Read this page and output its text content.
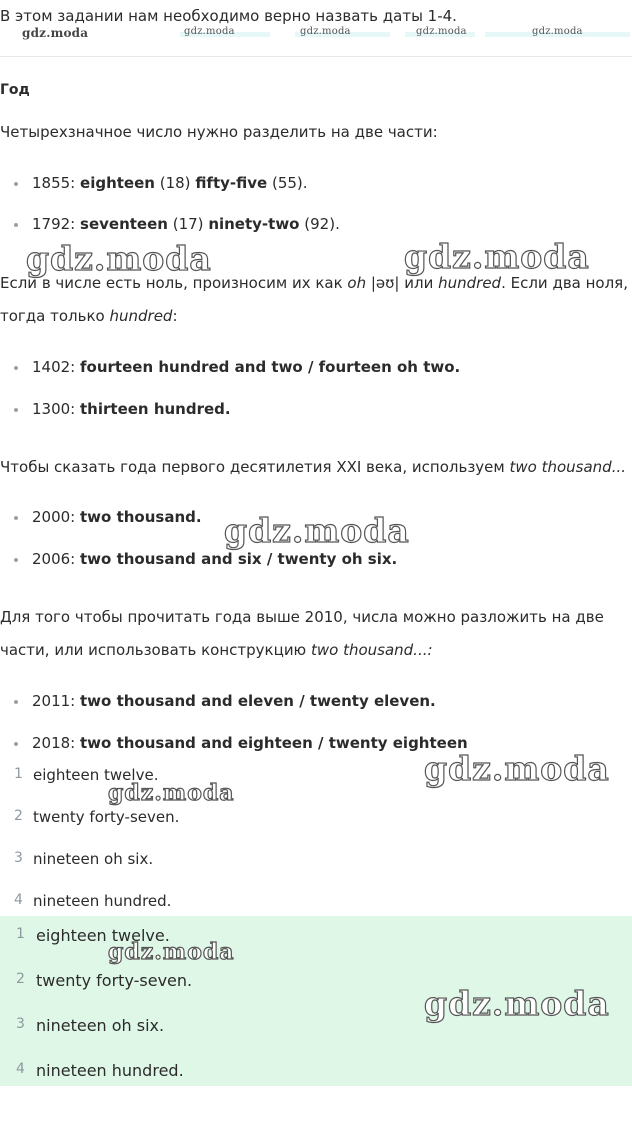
В этом задании нам необходимо верно назвать даты 1-4.
gdz.moda	gdz.moda	gdz.moda	gdz.moda	gdz.moda
Год
Четырехзначное число нужно разделить на две части:
1855: eighteen (18) fifty-five (55).
1792: seventeen (17) ninety-two (92).
Если в числе есть ноль, произносим их как oh |əʊ| или hundred. Если два ноля,
тогда только hundred:
1402: fourteen hundred and two / fourteen oh two.
1300: thirteen hundred.
Чтобы сказать года первого десятилетия XXI века, используем two thousand...
2000: two thousand.
2006: two thousand and six / twenty oh six.
Для того чтобы прочитать года выше 2010, числа можно разложить на две
части, или использовать конструкцию two thousand...:
2011: two thousand and eleven / twenty eleven.
2018: two thousand and eighteen / twenty eighteen
1 eighteen twelve.
2 twenty forty-seven.
3 nineteen oh six.
4 nineteen hundred.
1 eighteen twelve.
2 twenty forty-seven.
3 nineteen oh six.
4 nineteen hundred.
gdz.moda	gdz.moda
gdz.moda
gdz.moda
gdz.moda
gdz.moda
gdz.moda
